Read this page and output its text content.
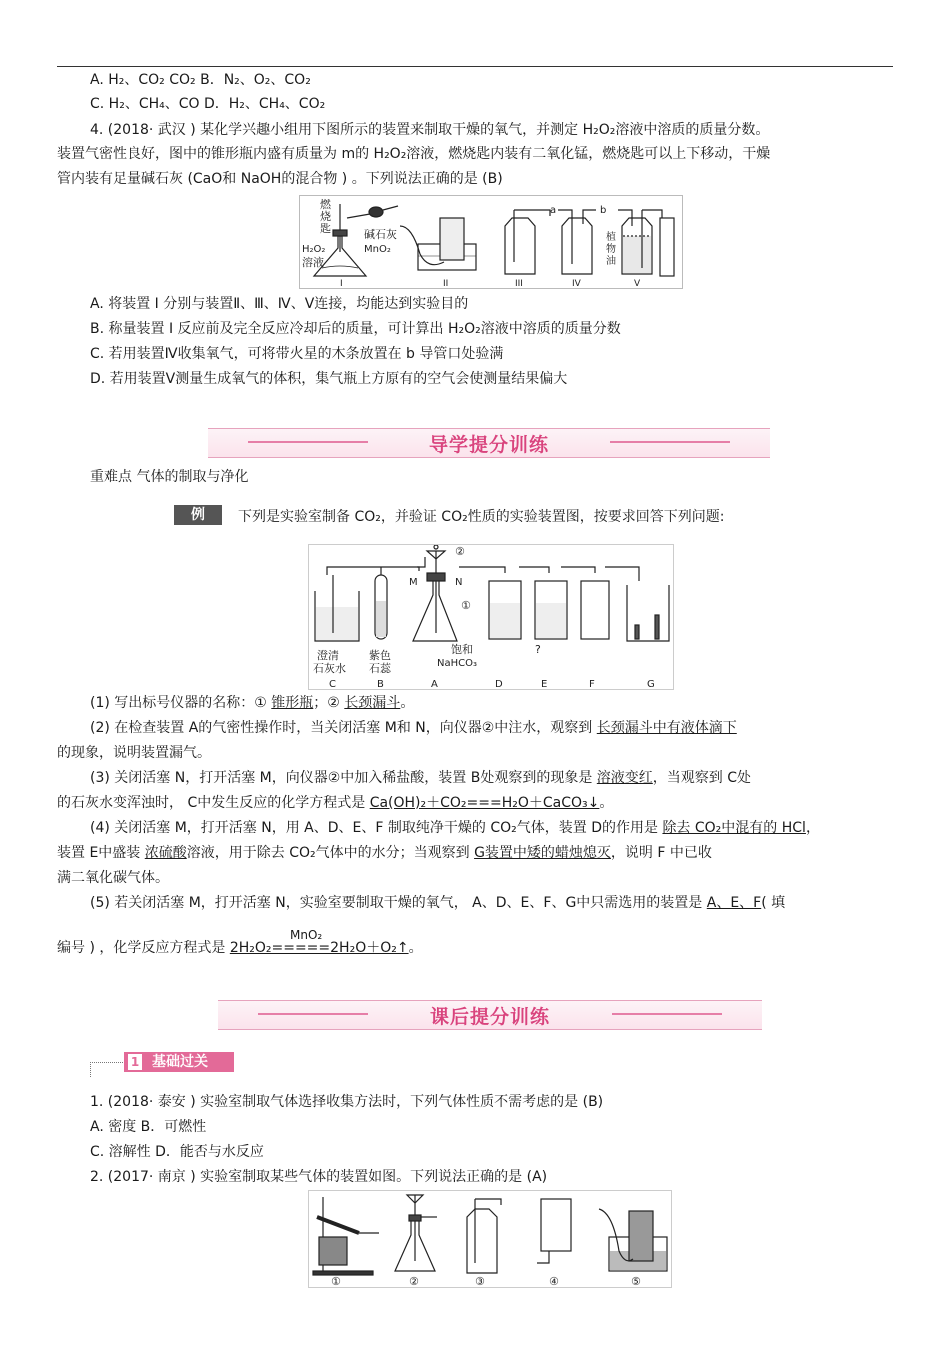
A. H₂、CO₂ CO₂ B．N₂、O₂、CO₂
C. H₂、CH₄、CO D．H₂、CH₄、CO₂
4. (2018· 武汉 ) 某化学兴趣小组用下图所示的装置来制取干燥的氧气，并测定 H₂O₂溶液中溶质的质量分数。
装置气密性良好，图中的锥形瓶内盛有质量为 m的 H₂O₂溶液，燃烧匙内装有二氧化锰，燃烧匙可以上下移动，干燥
管内装有足量碱石灰 (CaO和 NaOH的混合物 ) 。下列说法正确的是 (B)
燃
烧
匙	碱石灰
MnO₂
H₂O₂
溶液
I	II	III
a	b
IV
植
物
油
V
A. 将装置 I 分别与装置Ⅱ、Ⅲ、Ⅳ、Ⅴ连接，均能达到实验目的
B. 称量装置 I 反应前及完全反应冷却后的质量，可计算出 H₂O₂溶液中溶质的质量分数
C. 若用装置Ⅳ收集氧气，可将带火星的木条放置在 b 导管口处验满
D. 若用装置Ⅴ测量生成氧气的体积，集气瓶上方原有的空气会使测量结果偏大
导学提分训练
重难点 气体的制取与净化
例	下列是实验室制备 CO₂，并验证 CO₂性质的实验装置图，按要求回答下列问题:
②
M	N
①
澄清
石灰水
紫色
石蕊
饱和
NaHCO₃
?
C	B	A	D	E	F	G
(1) 写出标号仪器的名称：① 锥形瓶；② 长颈漏斗。
(2) 在检查装置 A的气密性操作时，当关闭活塞 M和 N，向仪器②中注水，观察到 长颈漏斗中有液体滴下
的现象，说明装置漏气。
(3) 关闭活塞 N，打开活塞 M，向仪器②中加入稀盐酸，装置 B处观察到的现象是 溶液变红，当观察到 C处
的石灰水变浑浊时， C中发生反应的化学方程式是 Ca(OH)₂＋CO₂===H₂O＋CaCO₃↓。
(4) 关闭活塞 M，打开活塞 N，用 A、D、E、F 制取纯净干燥的 CO₂气体，装置 D的作用是 除去 CO₂中混有的 HCl，
装置 E中盛装 浓硫酸溶液，用于除去 CO₂气体中的水分；当观察到 G装置中矮的蜡烛熄灭，说明 F 中已收
满二氧化碳气体。
(5) 若关闭活塞 M，打开活塞 N，实验室要制取干燥的氧气， A、D、E、F、G中只需选用的装置是 A、E、F( 填
MnO₂
编号 ) ，化学反应方程式是 2H₂O₂=====2H₂O＋O₂↑。
课后提分训练
基础过关
1
1. (2018· 泰安 ) 实验室制取气体选择收集方法时，下列气体性质不需考虑的是 (B)
A. 密度 B．可燃性
C. 溶解性 D．能否与水反应
2. (2017· 南京 ) 实验室制取某些气体的装置如图。下列说法正确的是 (A)
①	②	③	④	⑤
